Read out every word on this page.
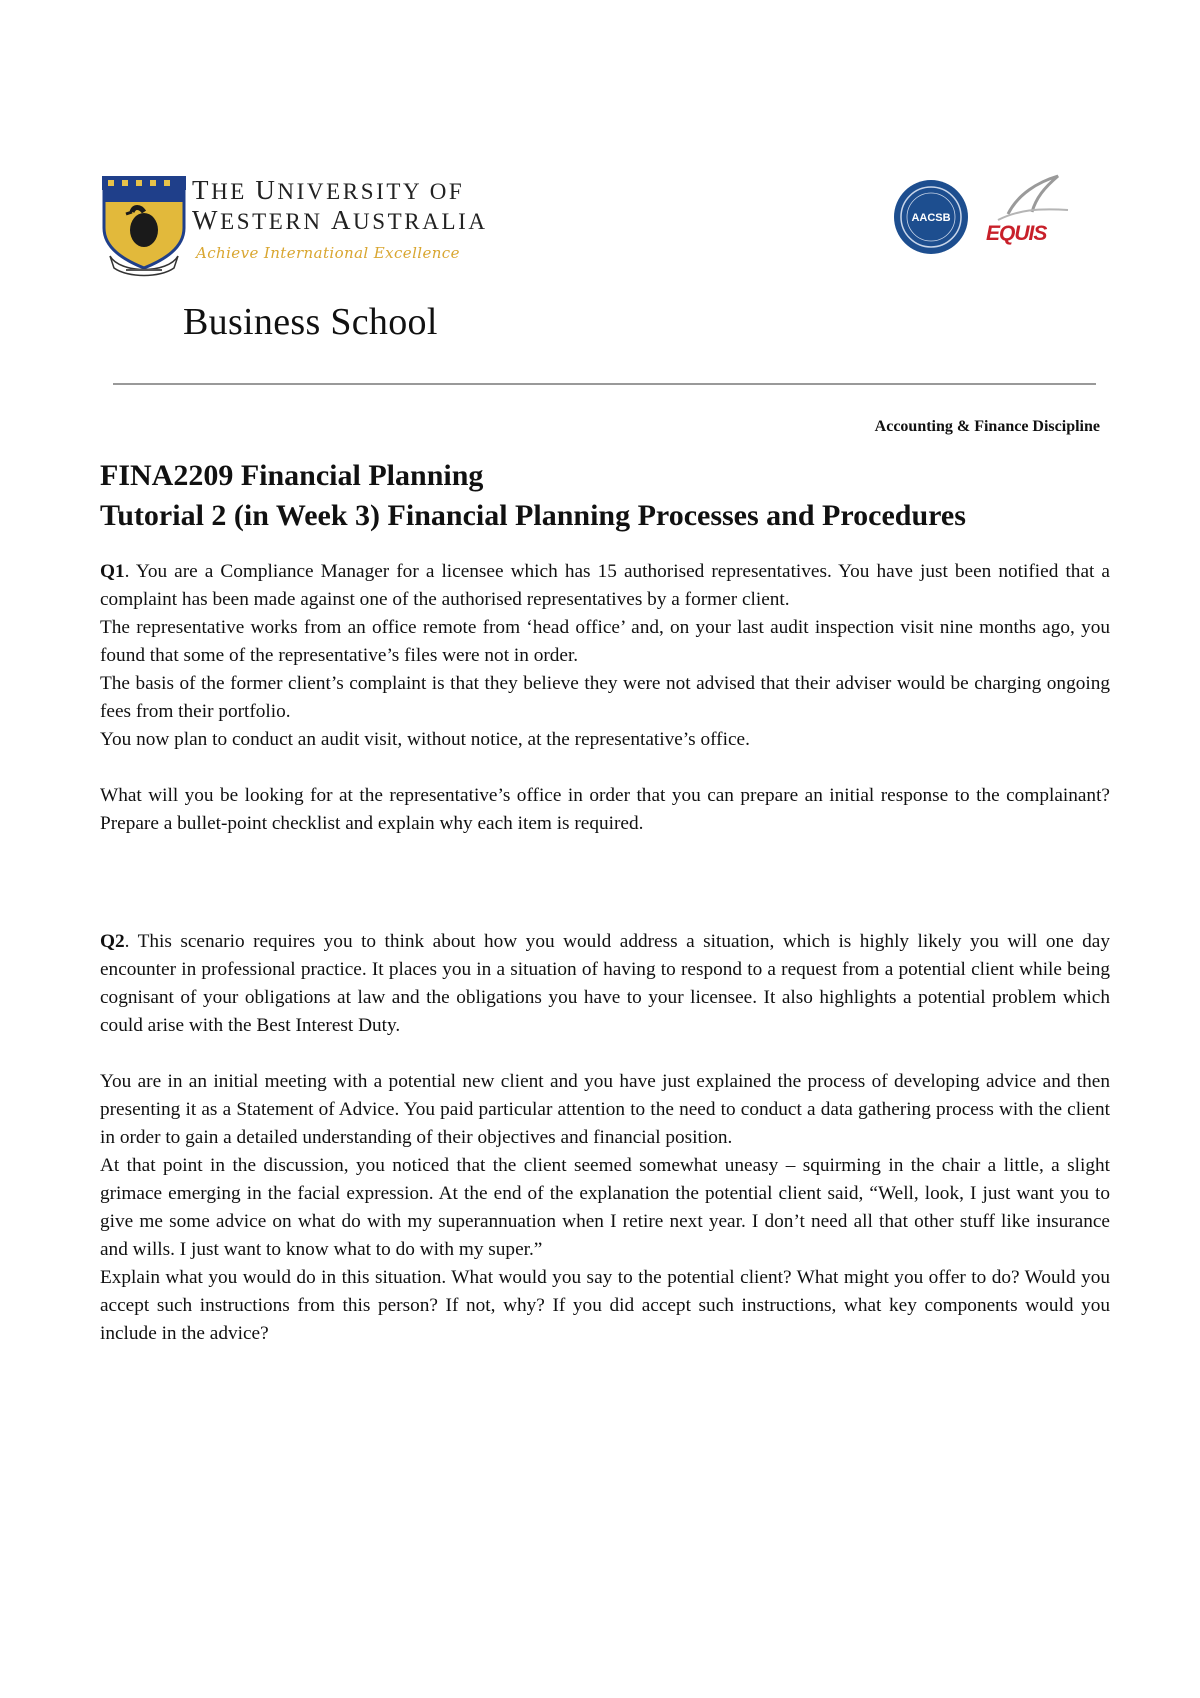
THE UNIVERSITY OF
WESTERN AUSTRALIA
Achieve International Excellence
AACSB
EQUIS
Business School
Accounting & Finance Discipline
FINA2209 Financial Planning
Tutorial 2 (in Week 3) Financial Planning Processes and Procedures

Q1. You are a Compliance Manager for a licensee which has 15 authorised representatives. You have just been notified that a complaint has been made against one of the authorised representatives by a former client.

The representative works from an office remote from ‘head office’ and, on your last audit inspection visit nine months ago, you found that some of the representative’s files were not in order.

The basis of the former client’s complaint is that they believe they were not advised that their adviser would be charging ongoing fees from their portfolio.

You now plan to conduct an audit visit, without notice, at the representative’s office.

What will you be looking for at the representative’s office in order that you can prepare an initial response to the complainant? Prepare a bullet-point checklist and explain why each item is required.

Q2. This scenario requires you to think about how you would address a situation, which is highly likely you will one day encounter in professional practice. It places you in a situation of having to respond to a request from a potential client while being cognisant of your obligations at law and the obligations you have to your licensee. It also highlights a potential problem which could arise with the Best Interest Duty.

You are in an initial meeting with a potential new client and you have just explained the process of developing advice and then presenting it as a Statement of Advice. You paid particular attention to the need to conduct a data gathering process with the client in order to gain a detailed understanding of their objectives and financial position.

At that point in the discussion, you noticed that the client seemed somewhat uneasy – squirming in the chair a little, a slight grimace emerging in the facial expression. At the end of the explanation the potential client said, “Well, look, I just want you to give me some advice on what do with my superannuation when I retire next year. I don’t need all that other stuff like insurance and wills. I just want to know what to do with my super.”

Explain what you would do in this situation. What would you say to the potential client? What might you offer to do? Would you accept such instructions from this person? If not, why? If you did accept such instructions, what key components would you include in the advice?
